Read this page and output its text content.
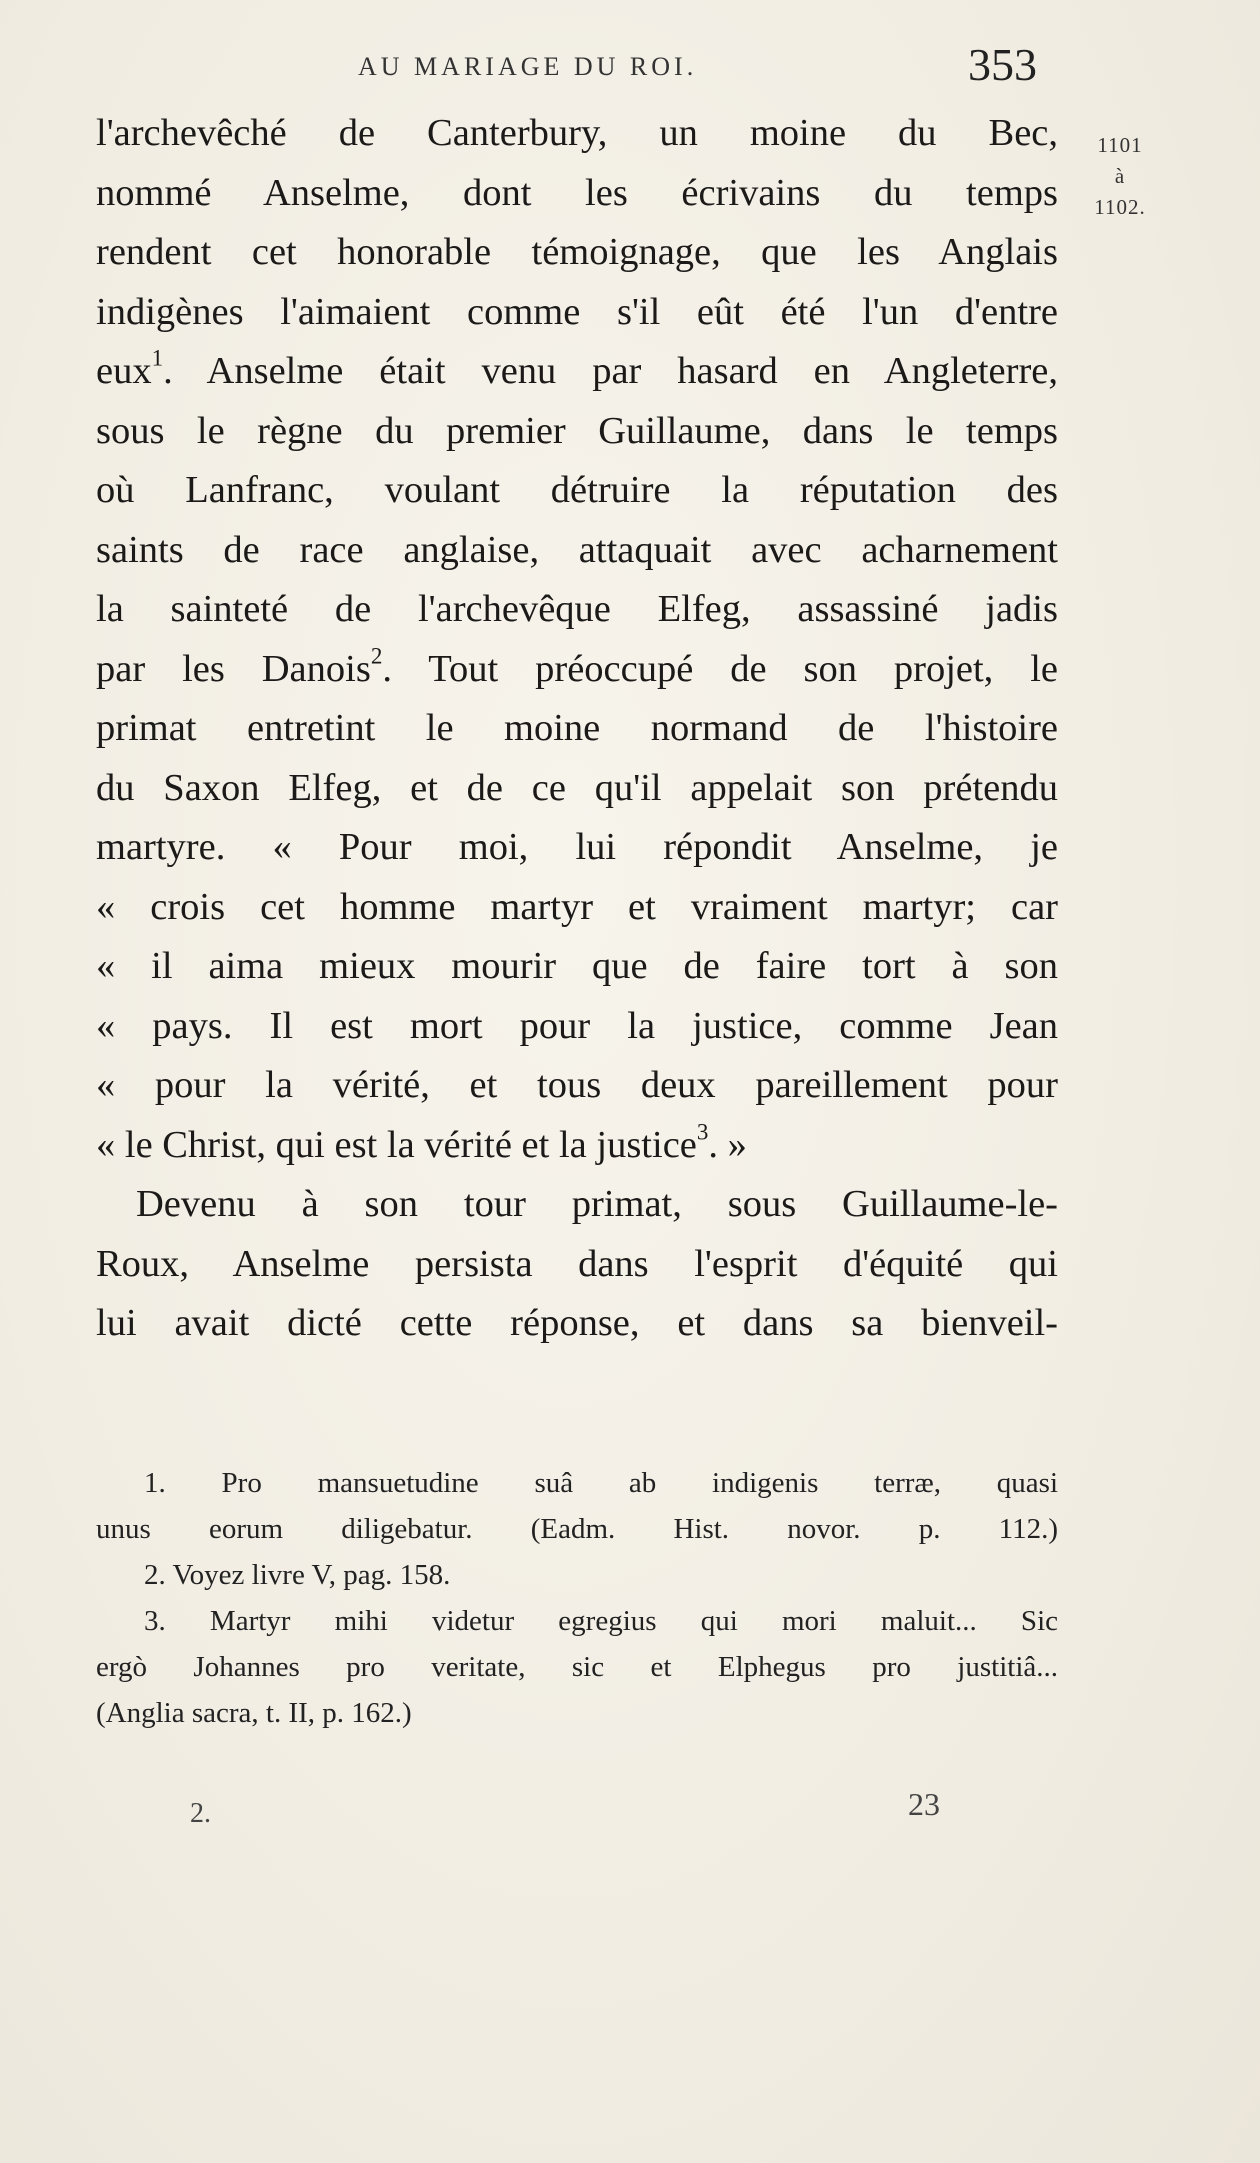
AU MARIAGE DU ROI.	353
1101
à
1102.
l'archevêché de Canterbury, un moine du Bec,
nommé Anselme, dont les écrivains du temps
rendent cet honorable témoignage, que les Anglais
indigènes l'aimaient comme s'il eût été l'un d'entre
eux$^1$. Anselme était venu par hasard en Angleterre,
sous le règne du premier Guillaume, dans le temps
où Lanfranc, voulant détruire la réputation des
saints de race anglaise, attaquait avec acharnement
la sainteté de l'archevêque Elfeg, assassiné jadis
par les Danois$^2$. Tout préoccupé de son projet, le
primat entretint le moine normand de l'histoire
du Saxon Elfeg, et de ce qu'il appelait son prétendu
martyre. « Pour moi, lui répondit Anselme, je
« crois cet homme martyr et vraiment martyr; car
« il aima mieux mourir que de faire tort à son
« pays. Il est mort pour la justice, comme Jean
« pour la vérité, et tous deux pareillement pour
« le Christ, qui est la vérité et la justice$^3$. »
Devenu à son tour primat, sous Guillaume-le-
Roux, Anselme persista dans l'esprit d'équité qui
lui avait dicté cette réponse, et dans sa bienveil-
1. Pro mansuetudine suâ ab indigenis terræ, quasi
unus eorum diligebatur. (Eadm. Hist. novor. p. 112.)
2. Voyez livre V, pag. 158.
3. Martyr mihi videtur egregius qui mori maluit... Sic
ergò Johannes pro veritate, sic et Elphegus pro justitiâ...
(Anglia sacra, t. II, p. 162.)
2.	23
